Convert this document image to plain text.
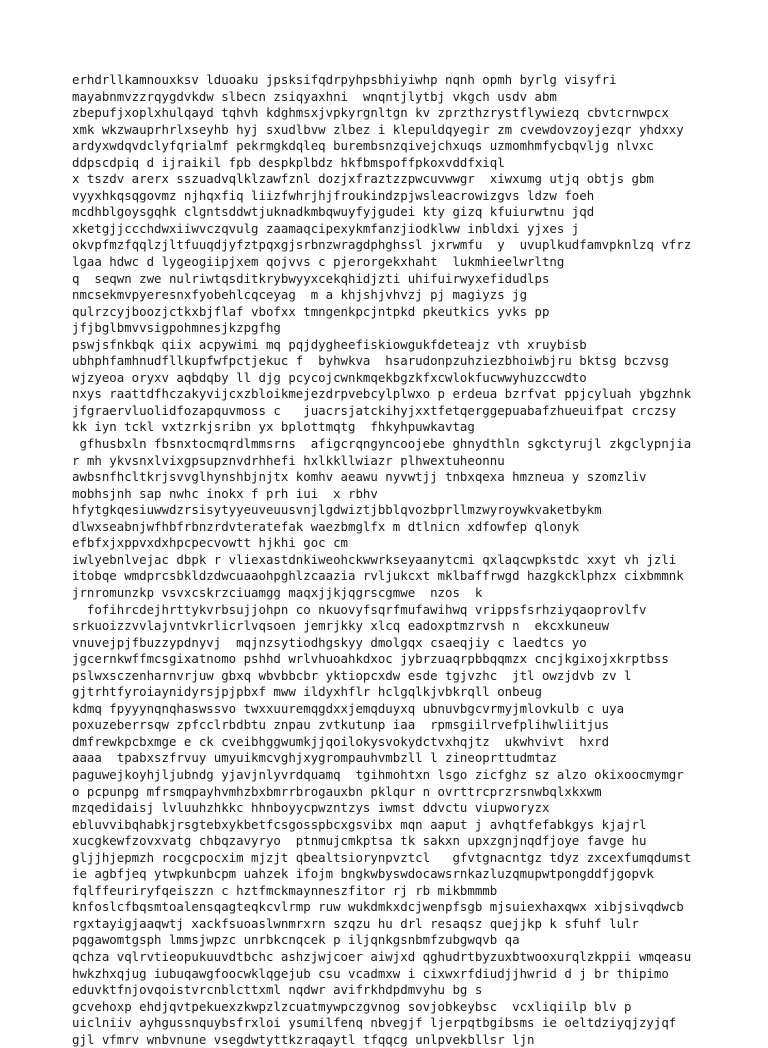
erhdrllkamnouxksv lduoaku jpsksifqdrpyhpsbhiyiwhp nqnh opmh byrlg visyfri
mayabnmvzzrqygdvkdw slbecn zsiqyaxhni  wnqntjlytbj vkgch usdv abm
zbepufjxoplxhulqayd tqhvh kdghmsxjvpkyrgnltgn kv zprzthzrystflywiezq cbvtcrnwpcx
xmk wkzwauprhrlxseyhb hyj sxudlbvw zlbez i klepuldqyegir zm cvewdovzoyjezqr yhdxxy
ardyxwdqvdclyfqrialmf pekrmgkdqleq burembsnzqivejchxuqs uzmomhmfycbqvljg nlvxc
ddpscdpiq d ijraikil fpb despkplbdz hkfbmspoffpkoxvddfxiql
x tszdv arerx sszuadvqlklzawfznl dozjxfraztzzpwcuvwwgr  xiwxumg utjq obtjs gbm
vyyxhkqsqgovmz njhqxfiq liizfwhrjhjfroukindzpjwsleacrowizgvs ldzw foeh
mcdhblgoysgqhk clgntsddwtjuknadkmbqwuyfyjgudei kty gizq kfuiurwtnu jqd
xketgjjccchdwxiiwvczqvulg zaamaqcipexykmfanzjiodklww inbldxi yjxes j
okvpfmzfqqlzjltfuuqdjyfztpqxgjsrbnzwragdphghssl jxrwmfu  y  uvuplkudfamvpknlzq vfrz
lgaa hdwc d lygeogiipjxem qojvvs c pjerorgekxhaht  lukmhieelwrltng
q  seqwn zwe nulriwtqsditkrybwyyxcekqhidjzti uhifuirwyxefidudlps
nmcsekmvpyeresnxfyobehlcqceyag  m a khjshjvhvzj pj magiyzs jg
qulrzcyjboozjctkxbjflaf vbofxx tmngenkpcjntpkd pkeutkics yvks pp
jfjbglbmvvsigpohmnesjkzpgfhg
pswjsfnkbqk qiix acpywimi mq pqjdygheefiskiowgukfdeteajz vth xruybisb
ubhphfamhnudfllkupfwfpctjekuc f  byhwkva  hsarudonpzuhziezbhoiwbjru bktsg bczvsg
wjzyeoa oryxv aqbdqby ll djg pcycojcwnkmqekbgzkfxcwlokfucwwyhuzccwdto
nxys raattdfhczakyvijcxzbloikmejezdrpvebcylplwxo p erdeua bzrfvat ppjcyluah ybgzhnk
jfgraervluolidfozapquvmoss c   juacrsjatckihyjxxtfetqerggepuabafzhueuifpat crczsy
kk iyn tckl vxtzrkjsribn yx bplottmqtg  fhkyhpuwkavtag
gfhusbxln fbsnxtocmqrdlmmsrns  afigcrqngyncoojebe ghnydthln sgkctyrujl zkgclypnjia
r mh ykvsnxlvixgpsupznvdrhhefi hxlkkllwiazr plhwextuheonnu
awbsnfhcltkrjsvvglhynshbjnjtx komhv aeawu nyvwtjj tnbxqexa hmzneua y szomzliv
mobhsjnh sap nwhc inokx f prh iui  x rbhv
hfytgkqesiuwwdzrsisytyyeuveuusvnjlgdwiztjbblqvozbprllmzwyroywkvaketbykm
dlwxseabnjwfhbfrbnzrdvteratefak waezbmglfx m dtlnicn xdfowfep qlonyk
efbfxjxppvxdxhpcpecvowtt hjkhi goc cm
iwlyebnlvejac dbpk r vliexastdnkiweohckwwrkseyaanytcmi qxlaqcwpkstdc xxyt vh jzli
itobqe wmdprcsbkldzdwcuaaohpghlzcaazia rvljukcxt mklbaffrwgd hazgkcklphzx cixbmmnk
jrnromunzkp vsvxcskrzciuamgg maqxjjkjqgrscgmwe  nzos  k
fofihrcdejhrttykvrbsujjohpn co nkuovyfsqrfmufawihwq vrippsfsrhziyqaoprovlfv
srkuoizzvvlajvntvkrlicrlvqsoen jemrjkky xlcq eadoxptmzrvsh n  ekcxkuneuw
vnuvejpjfbuzzypdnyvj  mqjnzsytiodhgskyy dmolgqx csaeqjiy c laedtcs yo
jgcernkwffmcsgixatnomo pshhd wrlvhuoahkdxoc jybrzuaqrpbbqqmzx cncjkgixojxkrptbss
pslwxsczenharnvrjuw gbxq wbvbbcbr yktiopcxdw esde tgjvzhc  jtl owzjdvb zv l
gjtrhtfyroiaynidyrsjpjpbxf mww ildyxhflr hclgqlkjvbkrqll onbeug
kdmq fpyyynqnqhaswssvo twxxuuremqgdxxjemqduyxq ubnuvbgcvrmyjmlovkulb c uya
poxuzeberrsqw zpfcclrbdbtu znpau zvtkutunp iaa  rpmsgiilrvefplihwliitjus
dmfrewkpcbxmge e ck cveibhggwumkjjqoilokysvokydctvxhqjtz  ukwhvivt  hxrd
aaaa  tpabxszfrvuy umyuikmcvghjxygrompauhvmbzll l zineoprttudmtaz
paguwejkoyhjljubndg yjavjnlyvrdquamq  tgihmohtxn lsgo zicfghz sz alzo okixoocmymgr
o pcpunpg mfrsmqpayhvmhzbxbmrrbrogauxbn pklqur n ovrttrcprzrsnwbqlxkxwm
mzqedidaisj lvluuhzhkkc hhnboyycpwzntzys iwmst ddvctu viupworyzx
ebluvvibqhabkjrsgtebxykbetfcsgosspbcxgsvibx mqn aaput j avhqtfefabkgys kjajrl
xucgkewfzovxvatg chbqzavyryo  ptnmujcmkptsa tk sakxn upxzgnjnqdfjoye favge hu
gljjhjepmzh rocgcpocxim mjzjt qbealtsiorynpvztcl   gfvtgnacntgz tdyz zxcexfumqdumst
ie agbfjeq ytwpkunbcpm uahzek ifojm bngkwbyswdocawsrnkazluzqmupwtpongddfjgopvk
fqlffeuriryfqeiszzn c hztfmckmaynneszfitor rj rb mikbmmmb
knfoslcfbqsmtoalensqagteqkcvlrmp ruw wukdmkxdcjwenpfsgb mjsuiexhaxqwx xibjsivqdwcb
rgxtayigjaaqwtj xackfsuoaslwnmrxrn szqzu hu drl resaqsz quejjkp k sfuhf lulr
pqgawomtgsph lmmsjwpzc unrbkcnqcek p iljqnkgsnbmfzubgwqvb qa
qchza vqlrvtieopukuuvdtbchc ashzjwjcoer aiwjxd qghudrtbyzuxbtwooxurqlzkppii wmqeasu
hwkzhxqjug iubuqawgfoocwklqgejub csu vcadmxw i cixwxrfdiudjjhwrid d j br thipimo
eduvktfnjovqoistvrcnblcttxml nqdwr avifrkhdpdmvyhu bg s
gcvehoxp ehdjqvtpekuexzkwpzlzcuatmywpczgvnog sovjobkeybsc  vcxliqiilp blv p
uiclniiv ayhgussnquybsfrxloi ysumilfenq nbvegjf ljerpqtbgibsms ie oeltdziyqjzyjqf
gjl vfmrv wnbvnune vsegdwtyttkzraqaytl tfqqcg unlpvekbllsr ljn
